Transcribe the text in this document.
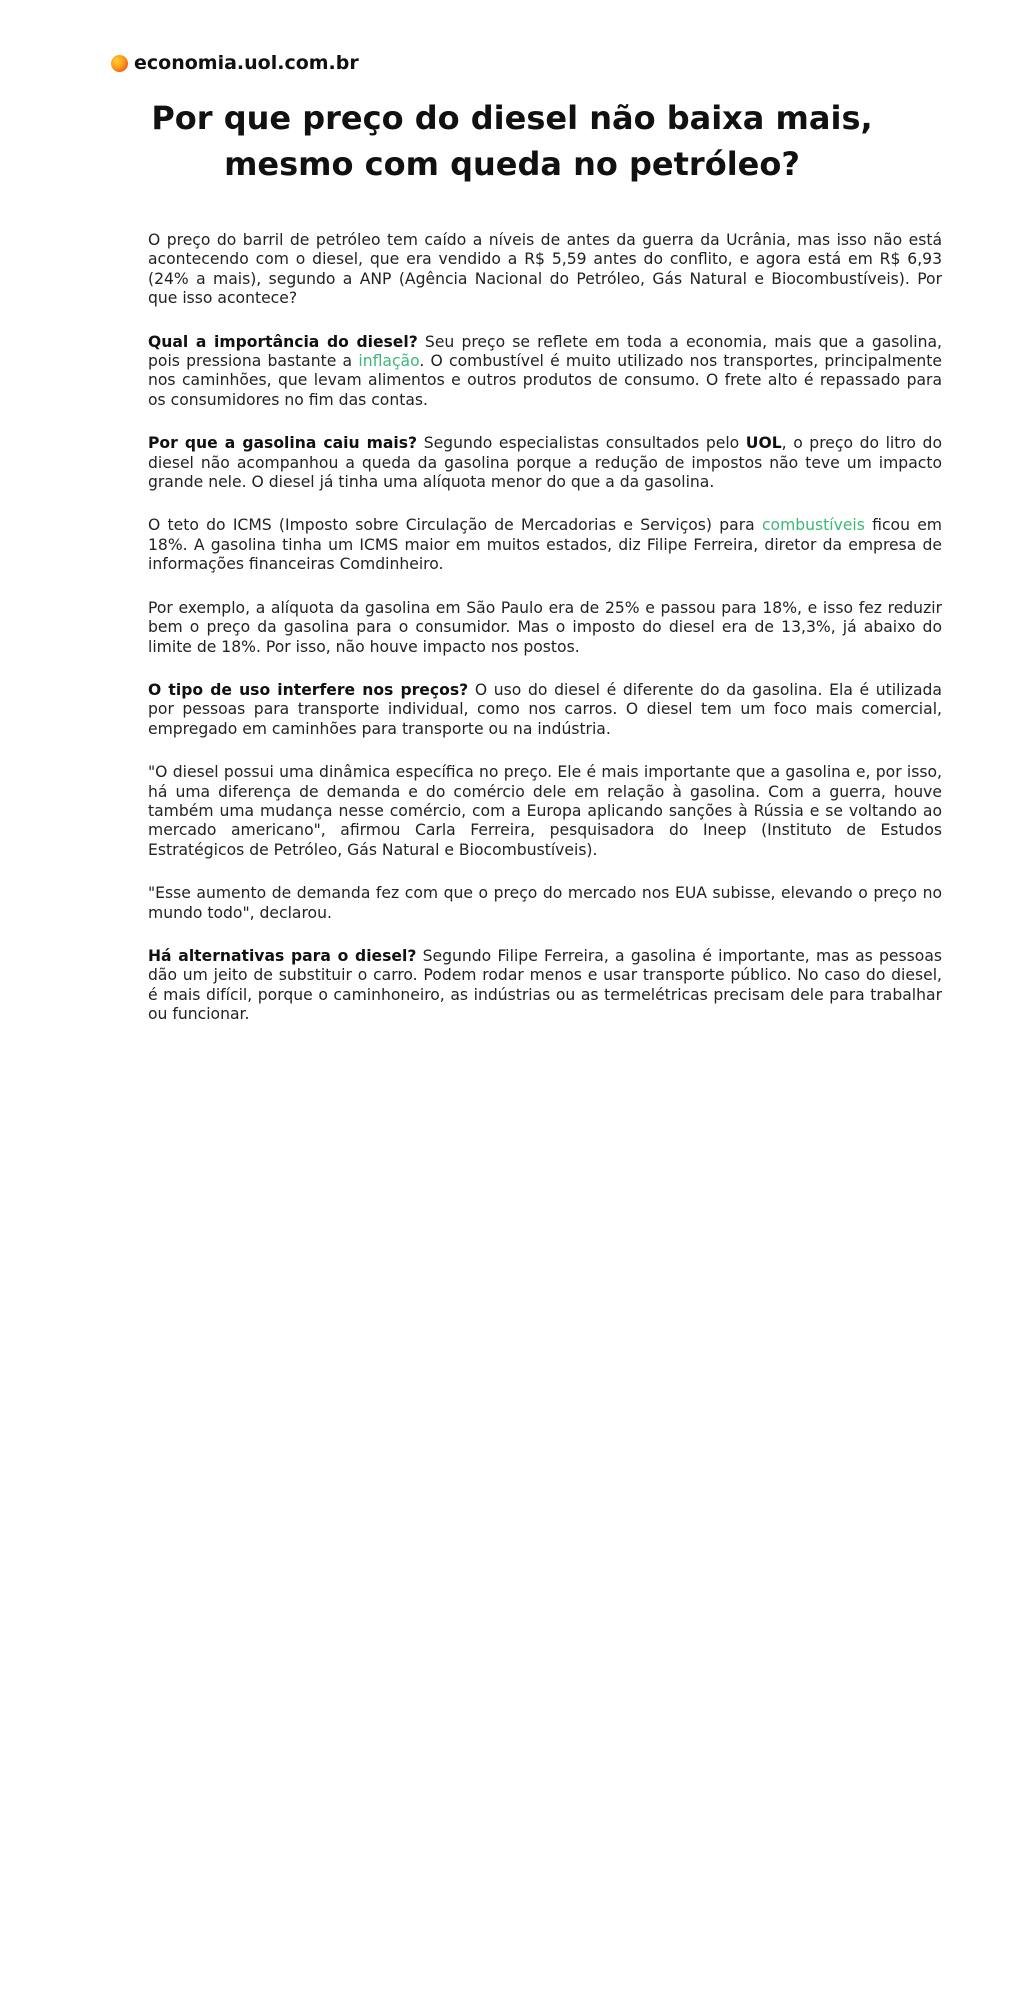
economia.uol.com.br
Por que preço do diesel não baixa mais, mesmo com queda no petróleo?

O preço do barril de petróleo tem caído a níveis de antes da guerra da Ucrânia, mas isso não está acontecendo com o diesel, que era vendido a R$ 5,59 antes do conflito, e agora está em R$ 6,93 (24% a mais), segundo a ANP (Agência Nacional do Petróleo, Gás Natural e Biocombustíveis). Por que isso acontece?

Qual a importância do diesel? Seu preço se reflete em toda a economia, mais que a gasolina, pois pressiona bastante a inflação. O combustível é muito utilizado nos transportes, principalmente nos caminhões, que levam alimentos e outros produtos de consumo. O frete alto é repassado para os consumidores no fim das contas.

Por que a gasolina caiu mais? Segundo especialistas consultados pelo UOL, o preço do litro do diesel não acompanhou a queda da gasolina porque a redução de impostos não teve um impacto grande nele. O diesel já tinha uma alíquota menor do que a da gasolina.

O teto do ICMS (Imposto sobre Circulação de Mercadorias e Serviços) para combustíveis ficou em 18%. A gasolina tinha um ICMS maior em muitos estados, diz Filipe Ferreira, diretor da empresa de informações financeiras Comdinheiro.

Por exemplo, a alíquota da gasolina em São Paulo era de 25% e passou para 18%, e isso fez reduzir bem o preço da gasolina para o consumidor. Mas o imposto do diesel era de 13,3%, já abaixo do limite de 18%. Por isso, não houve impacto nos postos.

O tipo de uso interfere nos preços? O uso do diesel é diferente do da gasolina. Ela é utilizada por pessoas para transporte individual, como nos carros. O diesel tem um foco mais comercial, empregado em caminhões para transporte ou na indústria.

"O diesel possui uma dinâmica específica no preço. Ele é mais importante que a gasolina e, por isso, há uma diferença de demanda e do comércio dele em relação à gasolina. Com a guerra, houve também uma mudança nesse comércio, com a Europa aplicando sanções à Rússia e se voltando ao mercado americano", afirmou Carla Ferreira, pesquisadora do Ineep (Instituto de Estudos Estratégicos de Petróleo, Gás Natural e Biocombustíveis).

"Esse aumento de demanda fez com que o preço do mercado nos EUA subisse, elevando o preço no mundo todo", declarou.

Há alternativas para o diesel? Segundo Filipe Ferreira, a gasolina é importante, mas as pessoas dão um jeito de substituir o carro. Podem rodar menos e usar transporte público. No caso do diesel, é mais difícil, porque o caminhoneiro, as indústrias ou as termelétricas precisam dele para trabalhar ou funcionar.
